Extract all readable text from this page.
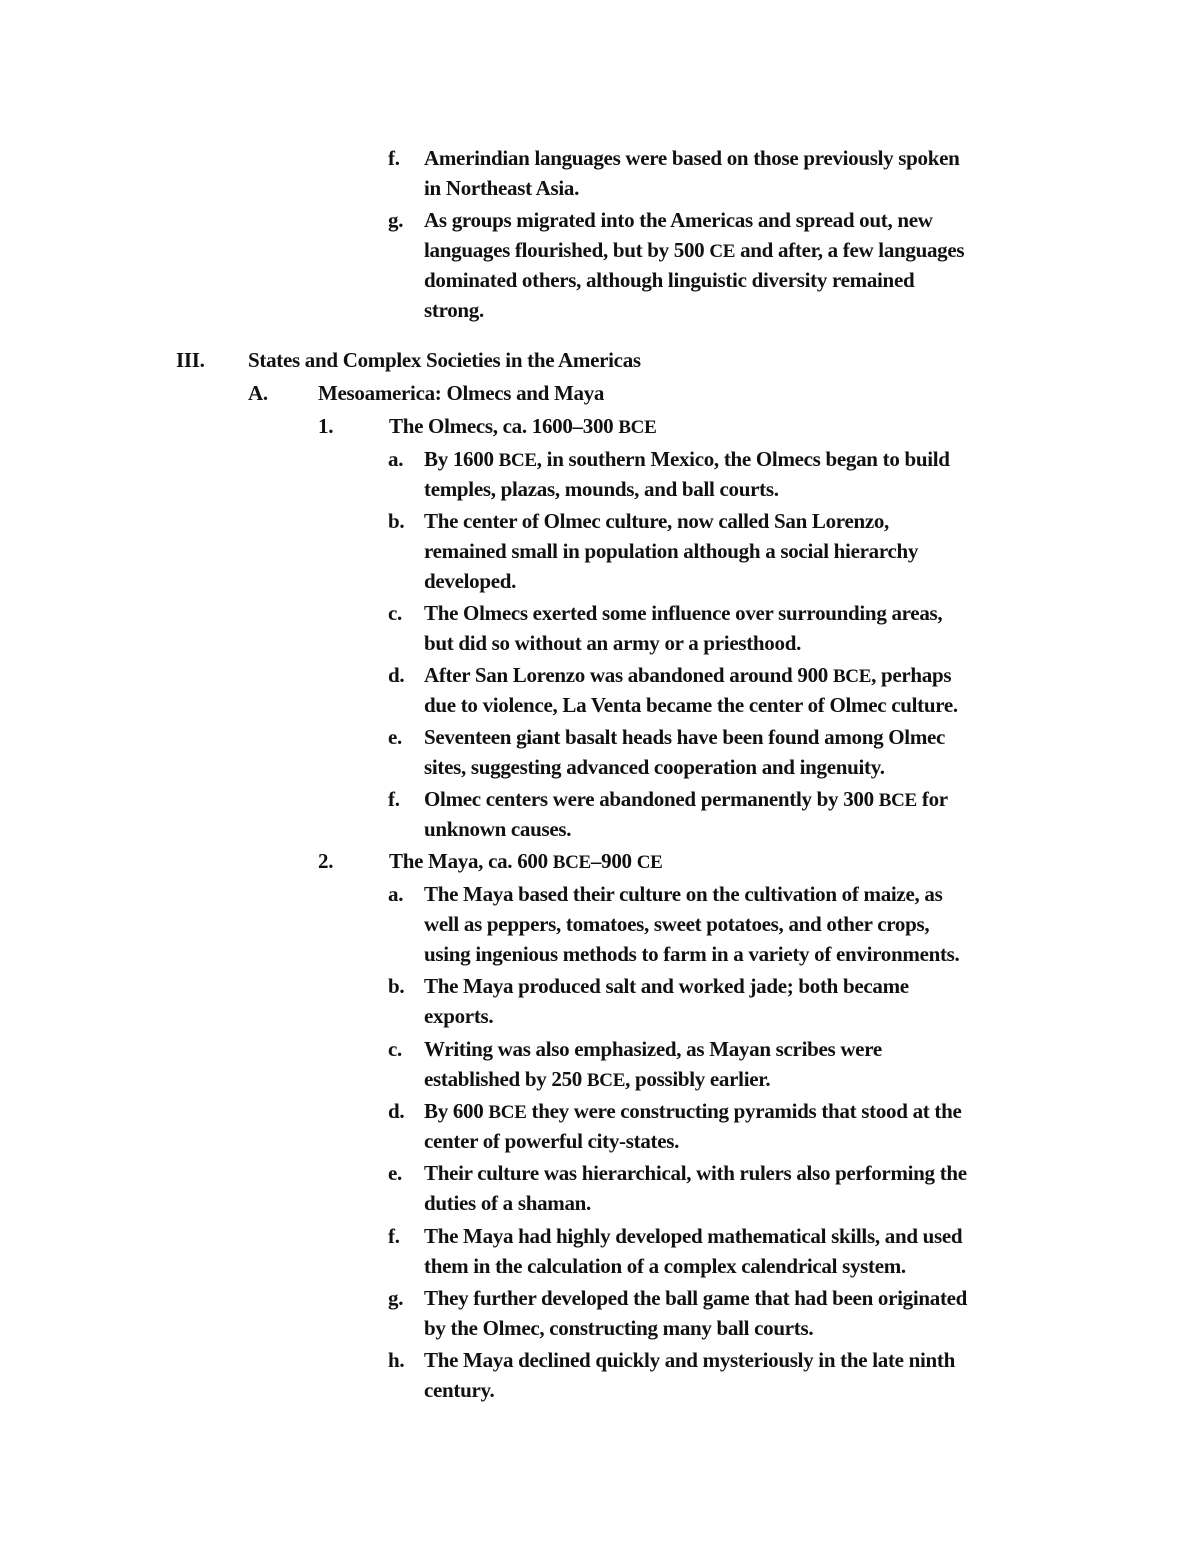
f. Amerindian languages were based on those previously spoken
in Northeast Asia.
g. As groups migrated into the Americas and spread out, new
languages flourished, but by 500 CE and after, a few languages
dominated others, although linguistic diversity remained
strong.
III. States and Complex Societies in the Americas
A. Mesoamerica: Olmecs and Maya
1.	The Olmecs, ca. 1600–300 BCE
a. By 1600 BCE, in southern Mexico, the Olmecs began to build
temples, plazas, mounds, and ball courts.
b. The center of Olmec culture, now called San Lorenzo,
remained small in population although a social hierarchy
developed.
c. The Olmecs exerted some influence over surrounding areas,
but did so without an army or a priesthood.
d. After San Lorenzo was abandoned around 900 BCE, perhaps
due to violence, La Venta became the center of Olmec culture.
e. Seventeen giant basalt heads have been found among Olmec
sites, suggesting advanced cooperation and ingenuity.
f. Olmec centers were abandoned permanently by 300 BCE for
unknown causes.
2.	The Maya, ca. 600 BCE–900 CE
a. The Maya based their culture on the cultivation of maize, as
well as peppers, tomatoes, sweet potatoes, and other crops,
using ingenious methods to farm in a variety of environments.
b. The Maya produced salt and worked jade; both became
exports.
c. Writing was also emphasized, as Mayan scribes were
established by 250 BCE, possibly earlier.
d. By 600 BCE they were constructing pyramids that stood at the
center of powerful city-states.
e. Their culture was hierarchical, with rulers also performing the
duties of a shaman.
f. The Maya had highly developed mathematical skills, and used
them in the calculation of a complex calendrical system.
g. They further developed the ball game that had been originated
by the Olmec, constructing many ball courts.
h. The Maya declined quickly and mysteriously in the late ninth
century.
